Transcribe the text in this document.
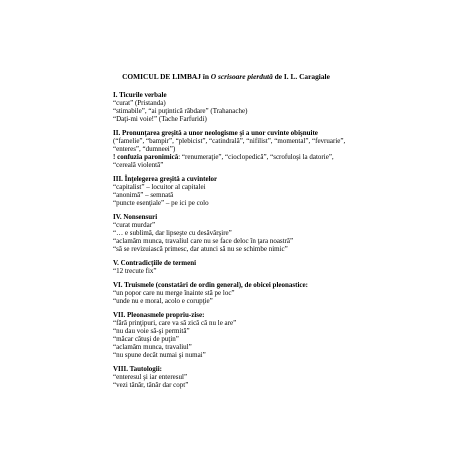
COMICUL DE LIMBAJ în O scrisoare pierdută de I. L. Caragiale
I. Ticurile verbale
“curat” (Pristanda)
“stimabile”, “ai puţintică răbdare” (Trahanache)
“Daţi-mi voie!” (Tache Farfuridi)
II. Pronunţarea greşită a unor neologisme şi a unor cuvinte obişnuite
(“famelie”, “bampir”, “plebicist”, “catindrală”, “nifilist”, “momental”, “fevruarie”,
“enteres”, “dumneei”)
! confuzia paronimică: “renumeraţie”, “cioclopedică”, “scrofuloşi la datorie”,
“cereală violentă”
III. Înţelegerea greşită a cuvintelor
“capitalist” – locuitor al capitalei
“anonimă” – semnată
“puncte esenţiale” – pe ici pe colo
IV. Nonsensuri
“curat murdar”
“… e sublimă, dar lipseşte cu desăvârşire”
“aclamăm munca, travaliul care nu se face deloc în ţara noastră”
“să se revizuiască primesc, dar atunci să nu se schimbe nimic”
V. Contradicţiile de termeni
“12 trecute fix”
VI. Truismele (constatări de ordin general), de obicei pleonastice:
“un popor care nu merge înainte stă pe loc”
“unde nu e moral, acolo e corupţie”
VII. Pleonasmele propriu-zise:
“fără prinţipuri, care va să zică că nu le are”
“nu dau voie să-şi permită”
“măcar cătuşi de puţin”
“aclamăm munca, travaliul”
“nu spune decât numai şi numai”
VIII. Tautologii:
“enteresul şi iar enteresul”
“vezi tânăr, tânăr dar copt”
